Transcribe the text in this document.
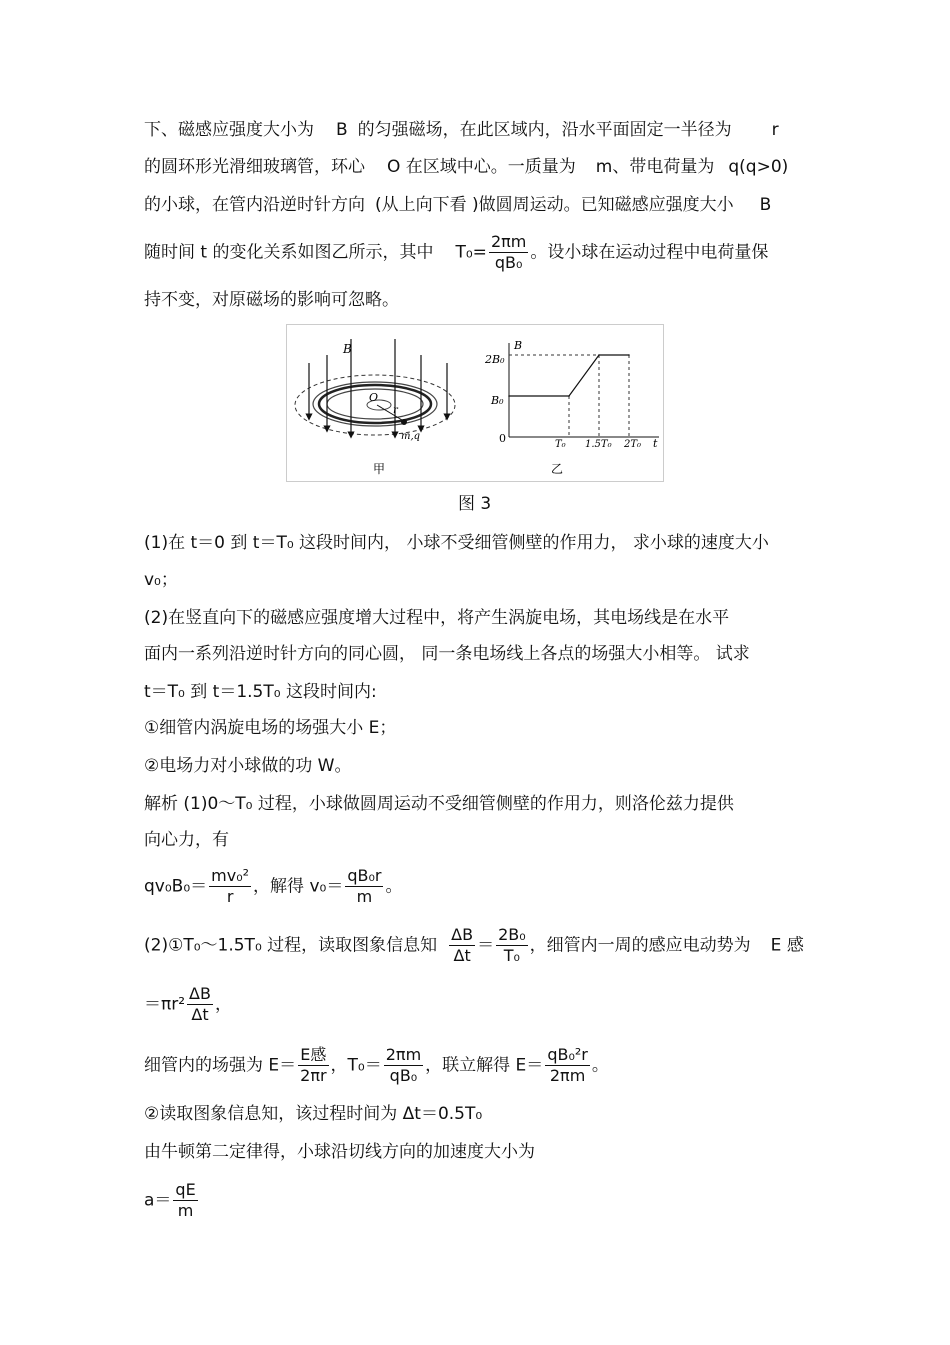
下、磁感应强度大小为 B 的匀强磁场，在此区域内，沿水平面固定一半径为 r
的圆环形光滑细玻璃管，环心 O 在区域中心。一质量为 m、带电荷量为 q(q>0)
的小球，在管内沿逆时针方向 (从上向下看 )做圆周运动。已知磁感应强度大小 B
随时间 t 的变化关系如图乙所示，其中 $T_0= \frac{2\pi m}{\text{qB₀}}$ 。设小球在运动过程中电荷量保
持不变，对原磁场的影响可忽略。
B
O
r
m,q
甲
B
t
0
2B₀
B₀
T₀ 1.5T₀ 2T₀
乙
图 3
(1)在 t＝0 到 t＝T₀ 这段时间内， 小球不受细管侧壁的作用力， 求小球的速度大小
v₀；
(2)在竖直向下的磁感应强度增大过程中，将产生涡旋电场，其电场线是在水平
面内一系列沿逆时针方向的同心圆， 同一条电场线上各点的场强大小相等。 试求
t＝T₀ 到 t＝1.5T₀ 这段时间内:
①细管内涡旋电场的场强大小 E；
②电场力对小球做的功 W。
解析 (1)0～T₀ 过程，小球做圆周运动不受细管侧壁的作用力，则洛伦兹力提供
向心力，有
$qv_0B_0= \frac{\text{mv₀²}}{r}$ ，解得 $v_0= \frac{\text{qB₀r}}{m}$ 。
(2)①T₀～1.5T₀ 过程，读取图象信息知 $\frac{\Delta B}{\Delta t} = \frac{\text{2B₀}}{\text{T₀}}$ ，细管内一周的感应电动势为 E 感
$=\pi r^2 \frac{\Delta B}{\Delta t}$ ，
细管内的场强为 $E= \frac{\text{E感}}{2\pi r}$ ，$T_0= \frac{2\pi m}{\text{qB₀}}$ ，联立解得 $E= \frac{\text{qB₀²r}}{2\pi m}$ 。
②读取图象信息知，该过程时间为 Δt＝0.5T₀
由牛顿第二定律得，小球沿切线方向的加速度大小为
$a= \frac{qE}{m}$
